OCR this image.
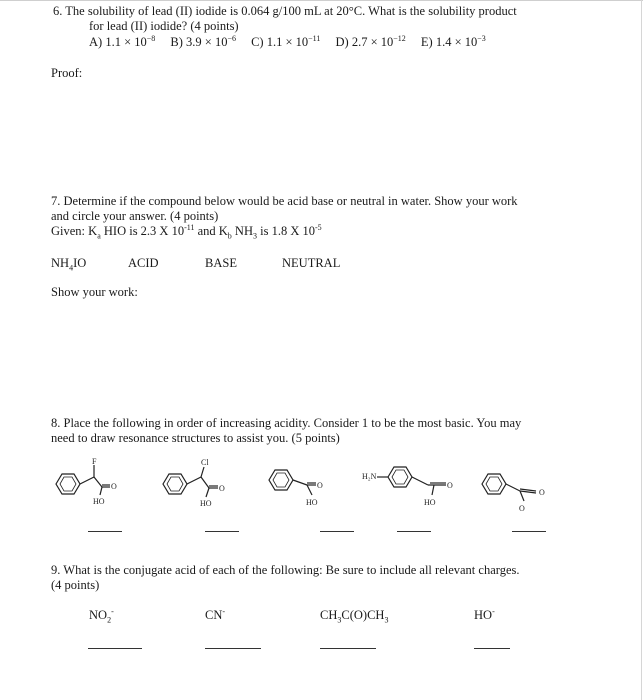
6. The solubility of lead (II) iodide is 0.064 g/100 mL at 20°C. What is the solubility product
for lead (II) iodide? (4 points)
A) $1.1 \times 10^{-8}$ B) $3.9 \times 10^{-6}$ C) $1.1 \times 10^{-11}$ D) $2.7 \times 10^{-12}$ E) $1.4 \times 10^{-3}$
Proof:
7. Determine if the compound below would be acid base or neutral in water. Show your work
and circle your answer. (4 points)
Given: $K_a$ HIO is 2.3 X $10^{-11}$ and $K_b$ $NH_3$ is 1.8 X $10^{-5}$
$NH_4IO$	ACID	BASE	NEUTRAL
Show your work:
8. Place the following in order of increasing acidity. Consider 1 to be the most basic. You may
need to draw resonance structures to assist you. (5 points)
F
O
HO
Cl
O
HO
O
HO
H₂N
O
HO
O
O
9. What is the conjugate acid of each of the following: Be sure to include all relevant charges.
(4 points)
$NO_2^-$	CN-	$CH_3C(O)CH_3$	HO-
